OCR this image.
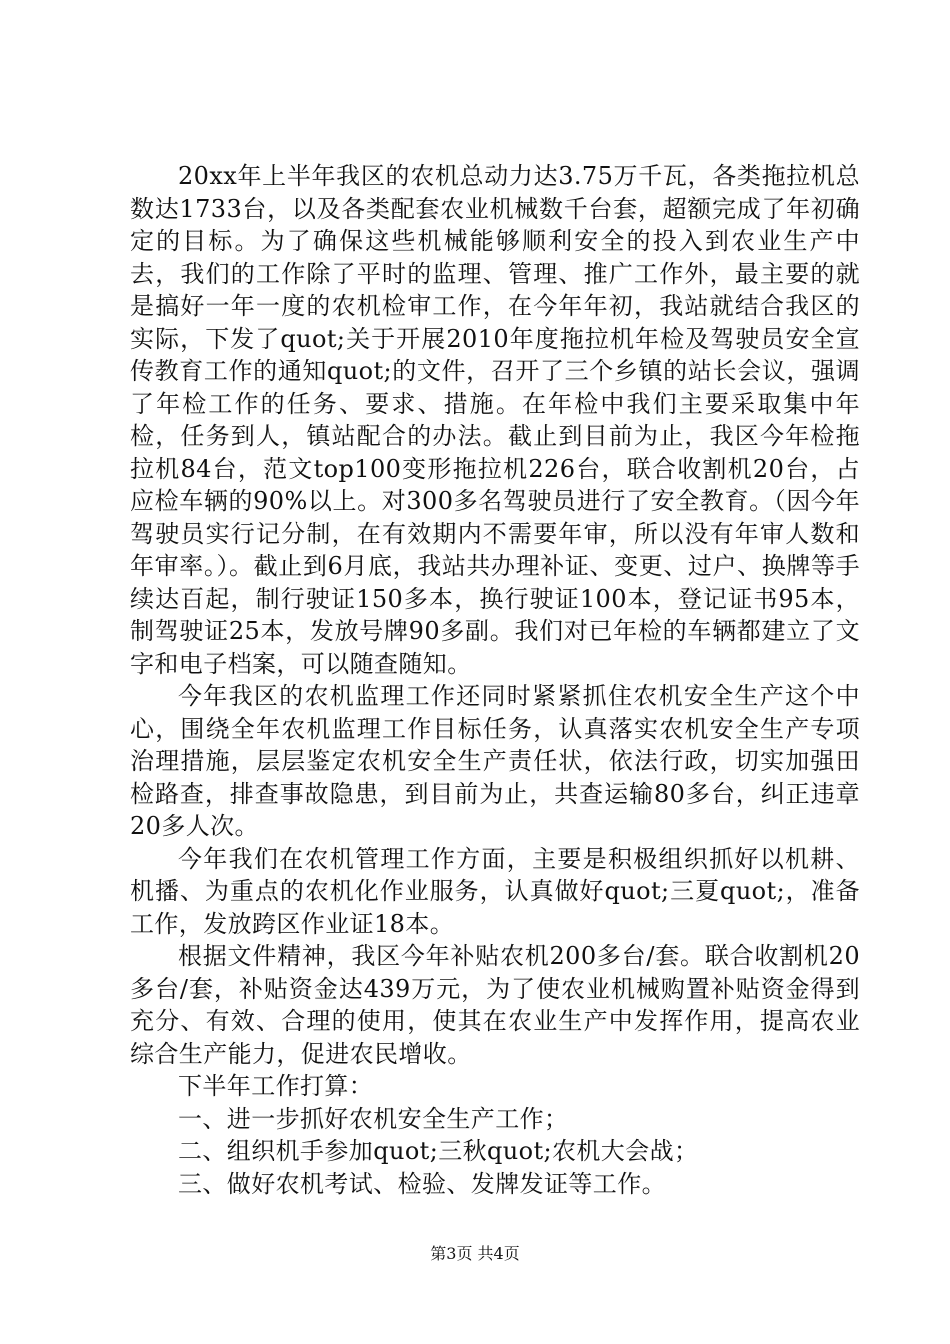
20xx年上半年我区的农机总动力达3.75万千瓦，各类拖拉机总数达1733台，以及各类配套农业机械数千台套，超额完成了年初确定的目标。为了确保这些机械能够顺利安全的投入到农业生产中去，我们的工作除了平时的监理、管理、推广工作外，最主要的就是搞好一年一度的农机检审工作，在今年年初，我站就结合我区的实际，下发了quot;关于开展2010年度拖拉机年检及驾驶员安全宣传教育工作的通知quot;的文件，召开了三个乡镇的站长会议，强调了年检工作的任务、要求、措施。在年检中我们主要采取集中年检，任务到人，镇站配合的办法。截止到目前为止，我区今年检拖拉机84台，范文top100变形拖拉机226台，联合收割机20台，占应检车辆的90%以上。对300多名驾驶员进行了安全教育。（因今年驾驶员实行记分制，在有效期内不需要年审，所以没有年审人数和年审率。）。截止到6月底，我站共办理补证、变更、过户、换牌等手续达百起，制行驶证150多本，换行驶证100本，登记证书95本，制驾驶证25本，发放号牌90多副。我们对已年检的车辆都建立了文字和电子档案，可以随查随知。

今年我区的农机监理工作还同时紧紧抓住农机安全生产这个中心，围绕全年农机监理工作目标任务，认真落实农机安全生产专项治理措施，层层鉴定农机安全生产责任状，依法行政，切实加强田检路查，排查事故隐患，到目前为止，共查运输80多台，纠正违章20多人次。

今年我们在农机管理工作方面，主要是积极组织抓好以机耕、机播、为重点的农机化作业服务，认真做好quot;三夏quot;，准备工作，发放跨区作业证18本。

根据文件精神，我区今年补贴农机200多台/套。联合收割机20多台/套，补贴资金达439万元，为了使农业机械购置补贴资金得到充分、有效、合理的使用，使其在农业生产中发挥作用，提高农业综合生产能力，促进农民增收。

下半年工作打算：

一、进一步抓好农机安全生产工作；

二、组织机手参加quot;三秋quot;农机大会战；

三、做好农机考试、检验、发牌发证等工作。

第3页 共4页
